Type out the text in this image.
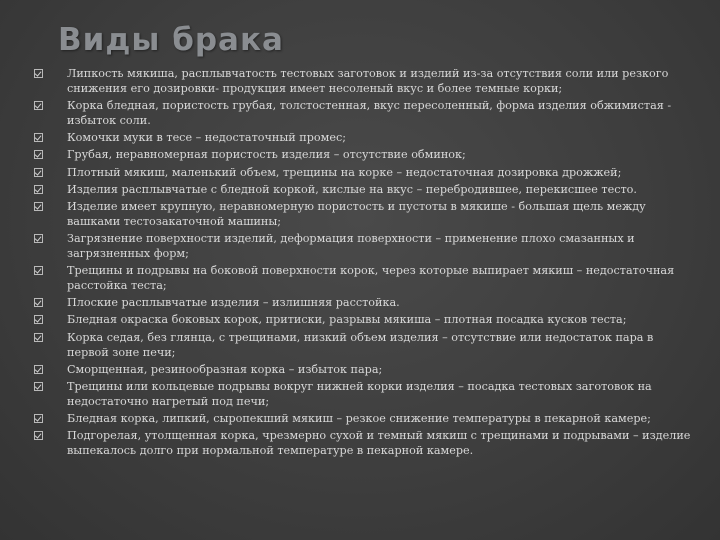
Виды брака
Липкость мякиша, расплывчатость тестовых заготовок и изделий из-за отсутствия соли или резкого снижения его дозировки- продукция имеет несоленый вкус и более темные корки;
Корка бледная, пористость грубая, толстостенная, вкус пересоленный, форма изделия обжимистая - избыток соли.
Комочки муки в тесе – недостаточный промес;
Грубая, неравномерная пористость изделия – отсутствие обминок;
Плотный мякиш, маленький объем, трещины на корке – недостаточная дозировка дрожжей;
Изделия расплывчатые с бледной коркой, кислые на вкус – перебродившее, перекисшее тесто.
Изделие имеет крупную, неравномерную пористость и пустоты в мякише - большая щель между вашками тестозакаточной машины;
Загрязнение поверхности изделий, деформация поверхности – применение плохо смазанных и загрязненных форм;
Трещины и подрывы на боковой поверхности корок, через которые выпирает мякиш – недостаточная расстойка теста;
Плоские расплывчатые изделия – излишняя расстойка.
Бледная окраска боковых корок, притиски, разрывы мякиша – плотная посадка кусков теста;
Корка седая, без глянца, с трещинами, низкий объем изделия – отсутствие или недостаток пара в первой зоне печи;
Сморщенная, резинообразная корка – избыток пара;
Трещины или кольцевые подрывы вокруг нижней корки изделия – посадка тестовых заготовок на недостаточно нагретый под печи;
Бледная корка, липкий, сыропекший мякиш – резкое снижение температуры в пекарной камере;
Подгорелая, утолщенная корка, чрезмерно сухой и темный мякиш с трещинами и подрывами – изделие выпекалось долго при нормальной температуре в пекарной камере.
